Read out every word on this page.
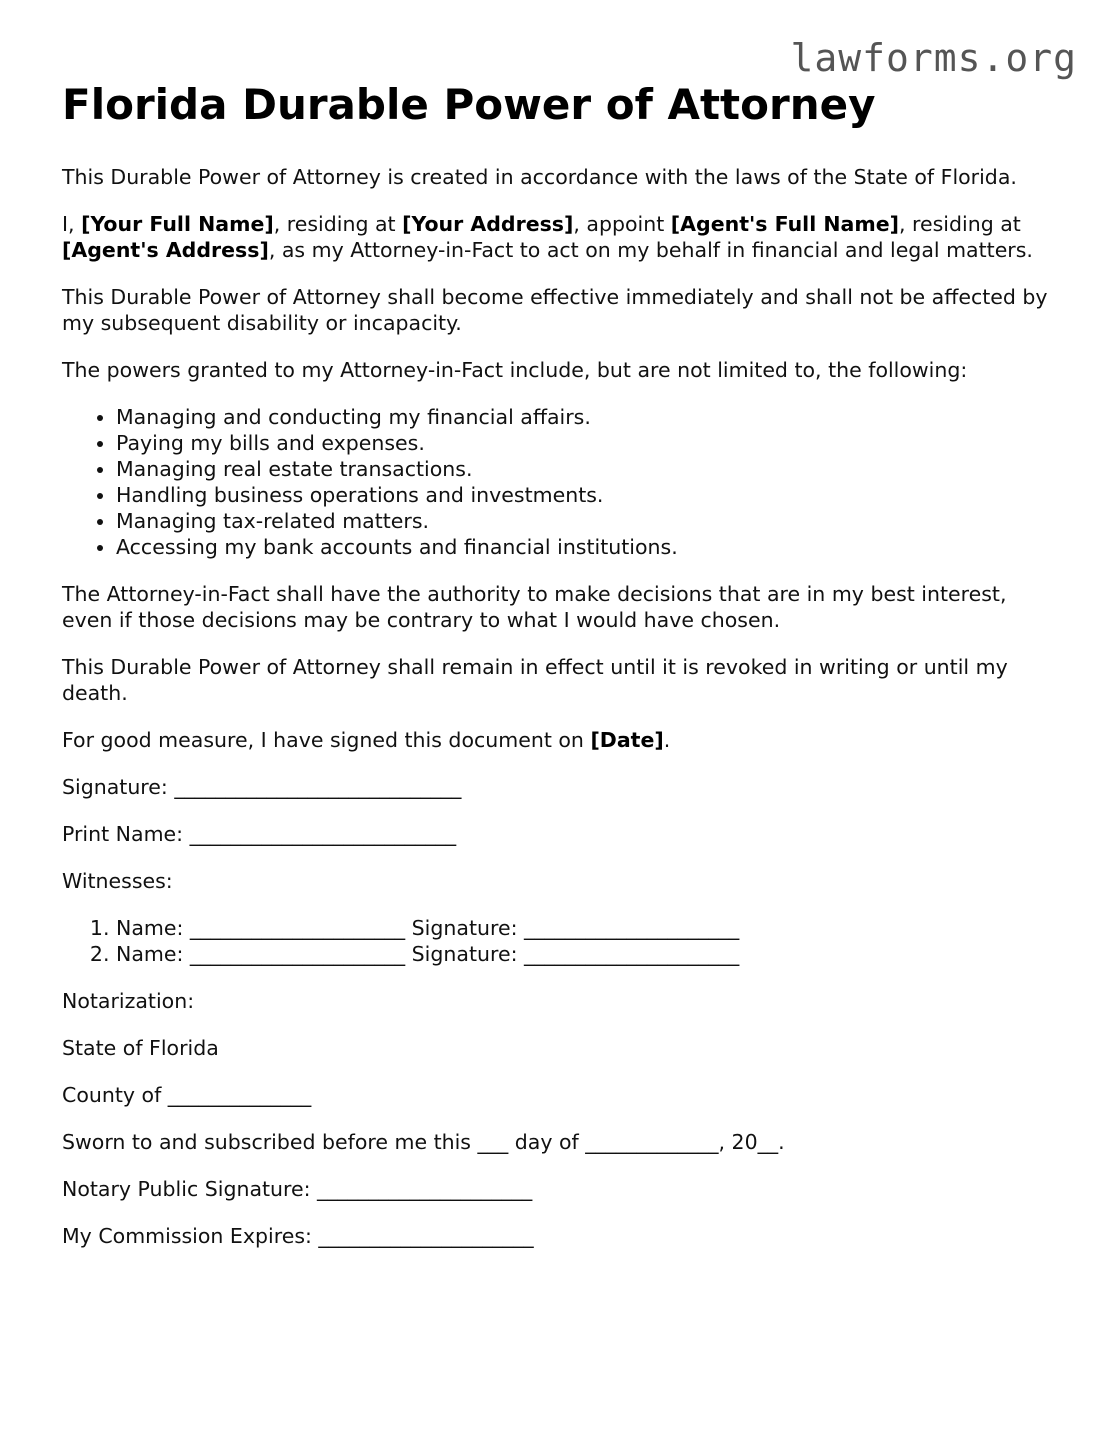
lawforms.org
Florida Durable Power of Attorney

This Durable Power of Attorney is created in accordance with the laws of the State of Florida.

I, [Your Full Name], residing at [Your Address], appoint [Agent's Full Name], residing at [Agent's Address], as my Attorney-in-Fact to act on my behalf in financial and legal matters.

This Durable Power of Attorney shall become effective immediately and shall not be affected by my subsequent disability or incapacity.

The powers granted to my Attorney-in-Fact include, but are not limited to, the following:

• Managing and conducting my financial affairs.
• Paying my bills and expenses.
• Managing real estate transactions.
• Handling business operations and investments.
• Managing tax-related matters.
• Accessing my bank accounts and financial institutions.

The Attorney-in-Fact shall have the authority to make decisions that are in my best interest, even if those decisions may be contrary to what I would have chosen.

This Durable Power of Attorney shall remain in effect until it is revoked in writing or until my death.

For good measure, I have signed this document on [Date].

Signature: ____________________________

Print Name: __________________________

Witnesses:

1. Name: _____________________ Signature: _____________________
2. Name: _____________________ Signature: _____________________

Notarization:

State of Florida

County of ______________

Sworn to and subscribed before me this ___ day of _____________, 20__.

Notary Public Signature: _____________________

My Commission Expires: _____________________
